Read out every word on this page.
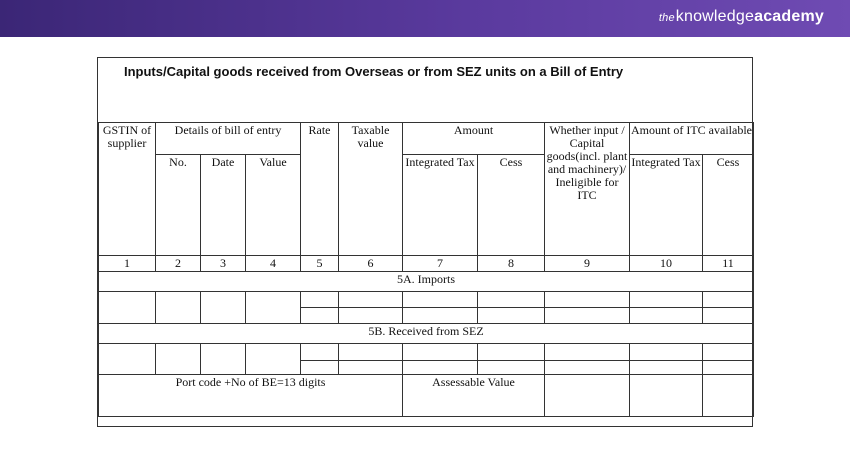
theknowledgeacademy
Inputs/Capital goods received from Overseas or from SEZ units on a Bill of Entry
GSTIN of supplier	Details of bill of entry			Rate	Taxable value	Amount		Whether input / Capital goods(incl. plant and machinery)/ Ineligible for ITC	Amount of ITC available	
	No.	Date	Value			Integrated Tax	Cess		Integrated Tax	Cess
1	2	3	4	5	6	7	8	9	10	11
5A. Imports										

5B. Received from SEZ										

Port code +No of BE=13 digits						Assessable Value				
